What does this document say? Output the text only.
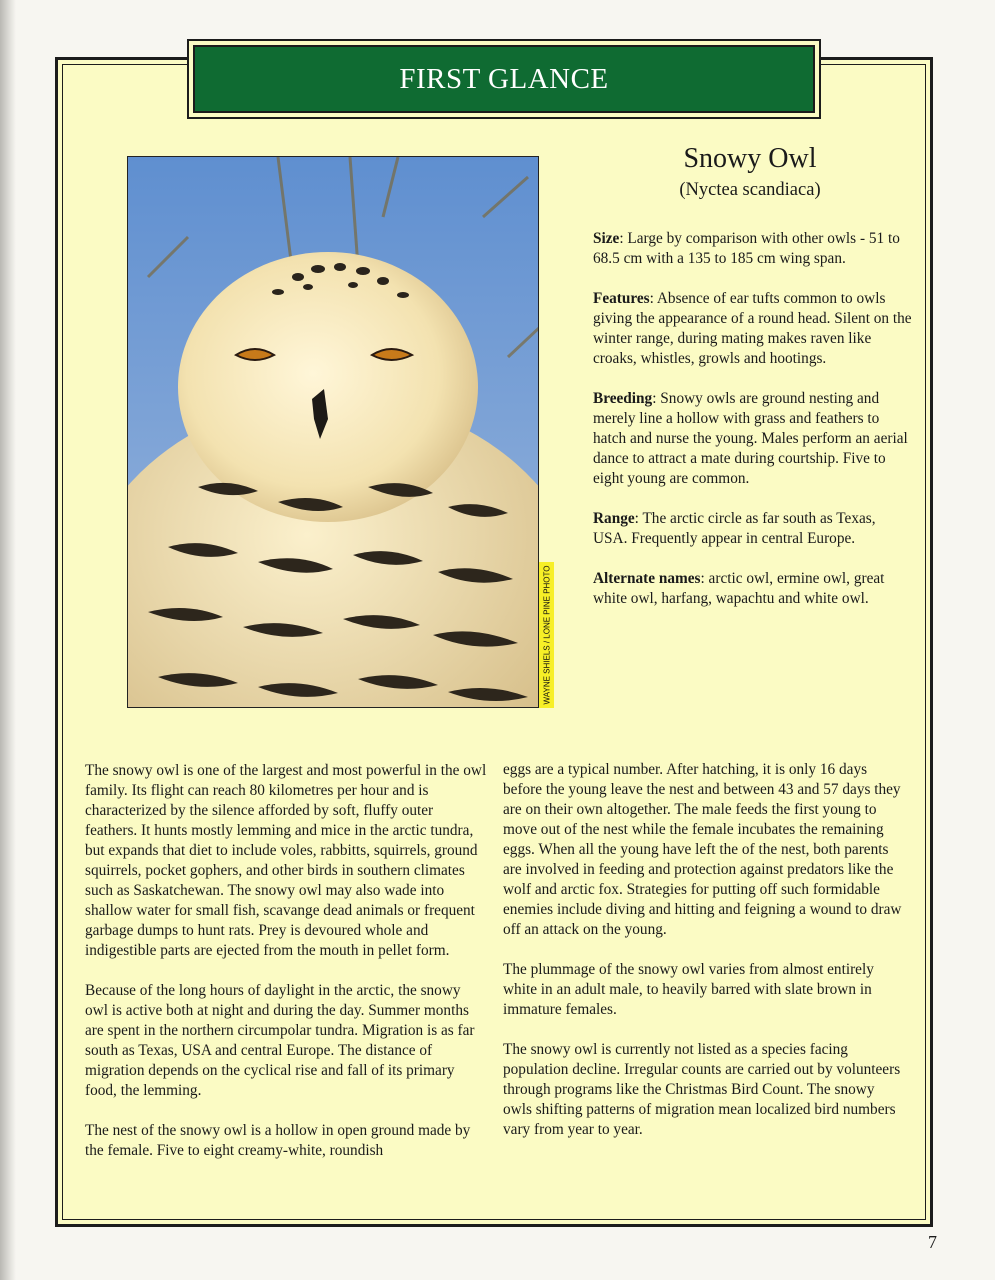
FIRST GLANCE
WAYNE SHIELS / LONE PINE PHOTO
Snowy Owl
(Nyctea scandiaca)

Size: Large by comparison with other owls - 51 to 68.5 cm with a 135 to 185 cm wing span.

Features: Absence of ear tufts common to owls giving the appearance of a round head. Silent on the winter range, during mating makes raven like croaks, whistles, growls and hootings.

Breeding: Snowy owls are ground nesting and merely line a hollow with grass and feathers to hatch and nurse the young. Males perform an aerial dance to attract a mate during courtship. Five to eight young are common.

Range: The arctic circle as far south as Texas, USA. Frequently appear in central Europe.

Alternate names: arctic owl, ermine owl, great white owl, harfang, wapachtu and white owl.

The snowy owl is one of the largest and most powerful in the owl family. Its flight can reach 80 kilometres per hour and is characterized by the silence afforded by soft, fluffy outer feathers. It hunts mostly lemming and mice in the arctic tundra, but expands that diet to include voles, rabbitts, squirrels, ground squirrels, pocket gophers, and other birds in southern climates such as Saskatchewan. The snowy owl may also wade into shallow water for small fish, scavange dead animals or frequent garbage dumps to hunt rats. Prey is devoured whole and indigestible parts are ejected from the mouth in pellet form.

Because of the long hours of daylight in the arctic, the snowy owl is active both at night and during the day. Summer months are spent in the northern circumpolar tundra. Migration is as far south as Texas, USA and central Europe. The distance of migration depends on the cyclical rise and fall of its primary food, the lemming.

The nest of the snowy owl is a hollow in open ground made by the female. Five to eight creamy-white, roundish

eggs are a typical number. After hatching, it is only 16 days before the young leave the nest and between 43 and 57 days they are on their own altogether. The male feeds the first young to move out of the nest while the female incubates the remaining eggs. When all the young have left the of the nest, both parents are involved in feeding and protection against predators like the wolf and arctic fox. Strategies for putting off such formidable enemies include diving and hitting and feigning a wound to draw off an attack on the young.

The plummage of the snowy owl varies from almost entirely white in an adult male, to heavily barred with slate brown in immature females.

The snowy owl is currently not listed as a species facing population decline. Irregular counts are carried out by volunteers through programs like the Christmas Bird Count. The snowy owls shifting patterns of migration mean localized bird numbers vary from year to year.

7
